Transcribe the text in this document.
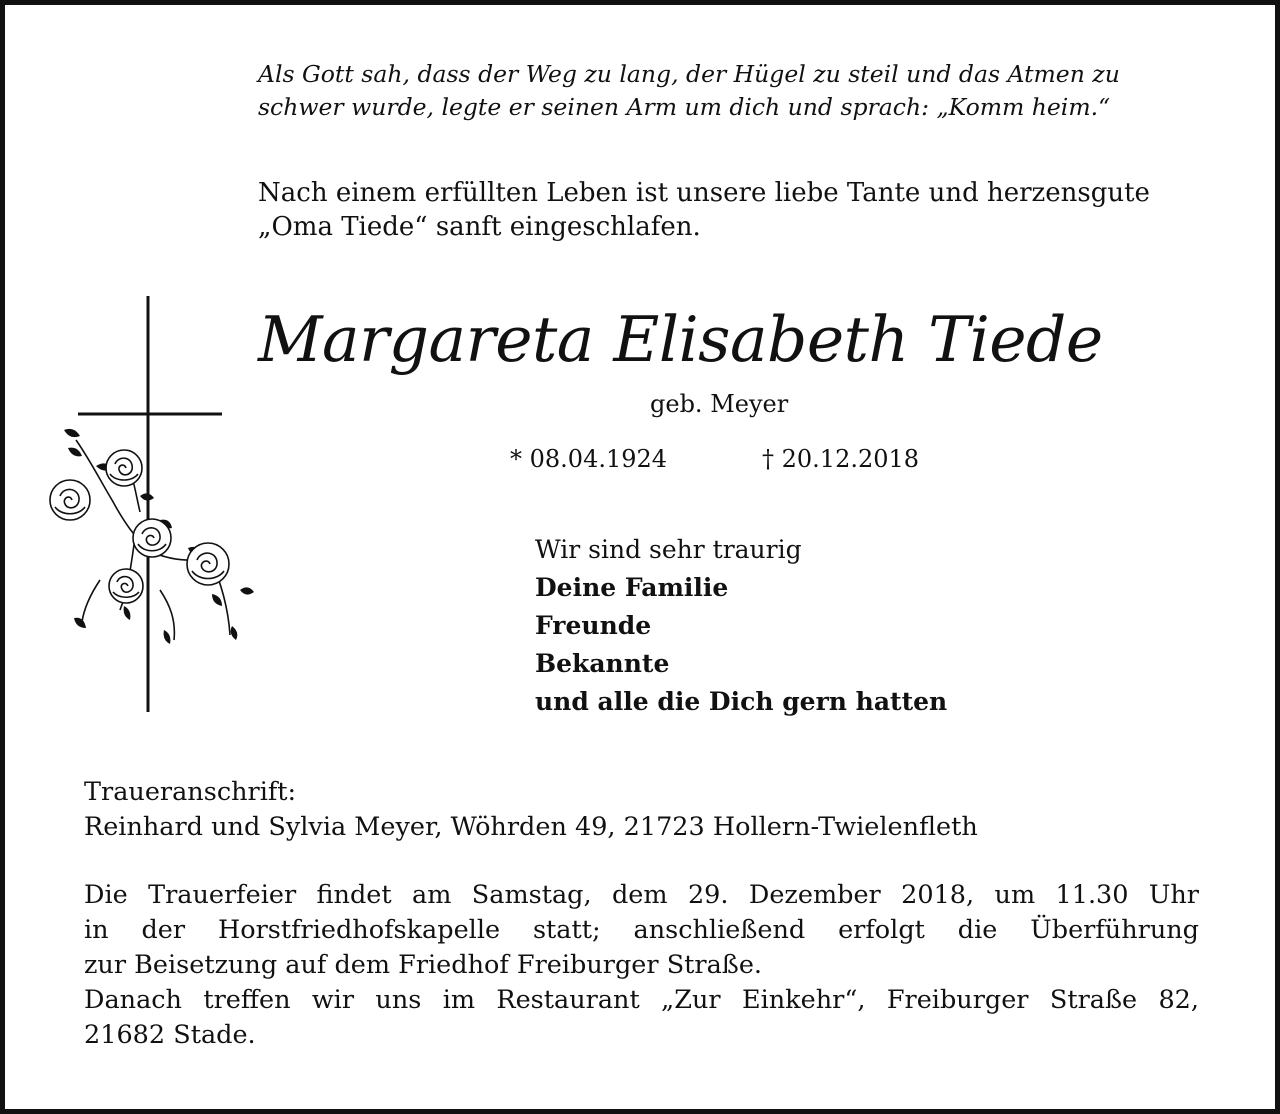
Als Gott sah, dass der Weg zu lang, der Hügel zu steil und das Atmen zu
schwer wurde, legte er seinen Arm um dich und sprach: „Komm heim.“

Nach einem erfüllten Leben ist unsere liebe Tante und herzensgute
„Oma Tiede“ sanft eingeschlafen.

Margareta Elisabeth Tiede

geb. Meyer

* 08.04.1924	† 20.12.2018

Wir sind sehr traurig
Deine Familie
Freunde
Bekannte
und alle die Dich gern hatten
Traueranschrift:
Reinhard und Sylvia Meyer, Wöhrden 49, 21723 Hollern-Twielenfleth
Die Trauerfeier findet am Samstag, dem 29. Dezember 2018, um 11.30 Uhr
in der Horstfriedhofskapelle statt; anschließend erfolgt die Überführung
zur Beisetzung auf dem Friedhof Freiburger Straße.
Danach treffen wir uns im Restaurant „Zur Einkehr“, Freiburger Straße 82,
21682 Stade.
